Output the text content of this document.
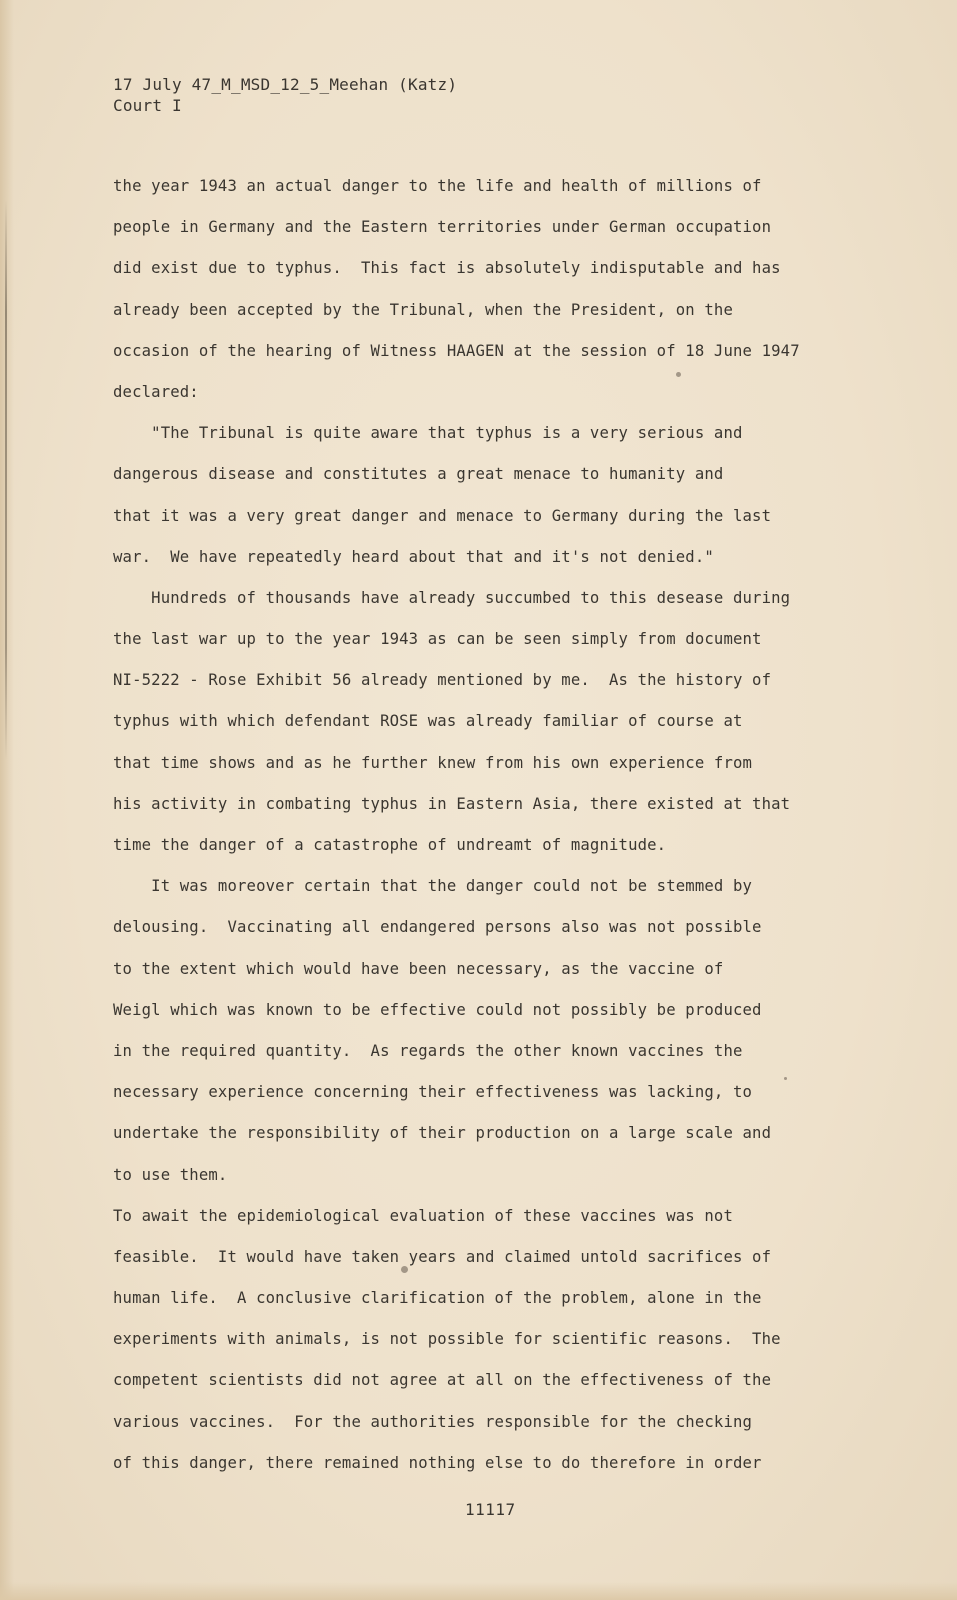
17 July 47_M_MSD_12_5_Meehan (Katz)
Court I
the year 1943 an actual danger to the life and health of millions of
people in Germany and the Eastern territories under German occupation
did exist due to typhus.  This fact is absolutely indisputable and has
already been accepted by the Tribunal, when the President, on the
occasion of the hearing of Witness HAAGEN at the session of 18 June 1947
declared:
"The Tribunal is quite aware that typhus is a very serious and
dangerous disease and constitutes a great menace to humanity and
that it was a very great danger and menace to Germany during the last
war.  We have repeatedly heard about that and it's not denied."
Hundreds of thousands have already succumbed to this desease during
the last war up to the year 1943 as can be seen simply from document
NI-5222 - Rose Exhibit 56 already mentioned by me.  As the history of
typhus with which defendant ROSE was already familiar of course at
that time shows and as he further knew from his own experience from
his activity in combating typhus in Eastern Asia, there existed at that
time the danger of a catastrophe of undreamt of magnitude.
It was moreover certain that the danger could not be stemmed by
delousing.  Vaccinating all endangered persons also was not possible
to the extent which would have been necessary, as the vaccine of
Weigl which was known to be effective could not possibly be produced
in the required quantity.  As regards the other known vaccines the
necessary experience concerning their effectiveness was lacking, to
undertake the responsibility of their production on a large scale and
to use them.
To await the epidemiological evaluation of these vaccines was not
feasible.  It would have taken years and claimed untold sacrifices of
human life.  A conclusive clarification of the problem, alone in the
experiments with animals, is not possible for scientific reasons.  The
competent scientists did not agree at all on the effectiveness of the
various vaccines.  For the authorities responsible for the checking
of this danger, there remained nothing else to do therefore in order
11117
